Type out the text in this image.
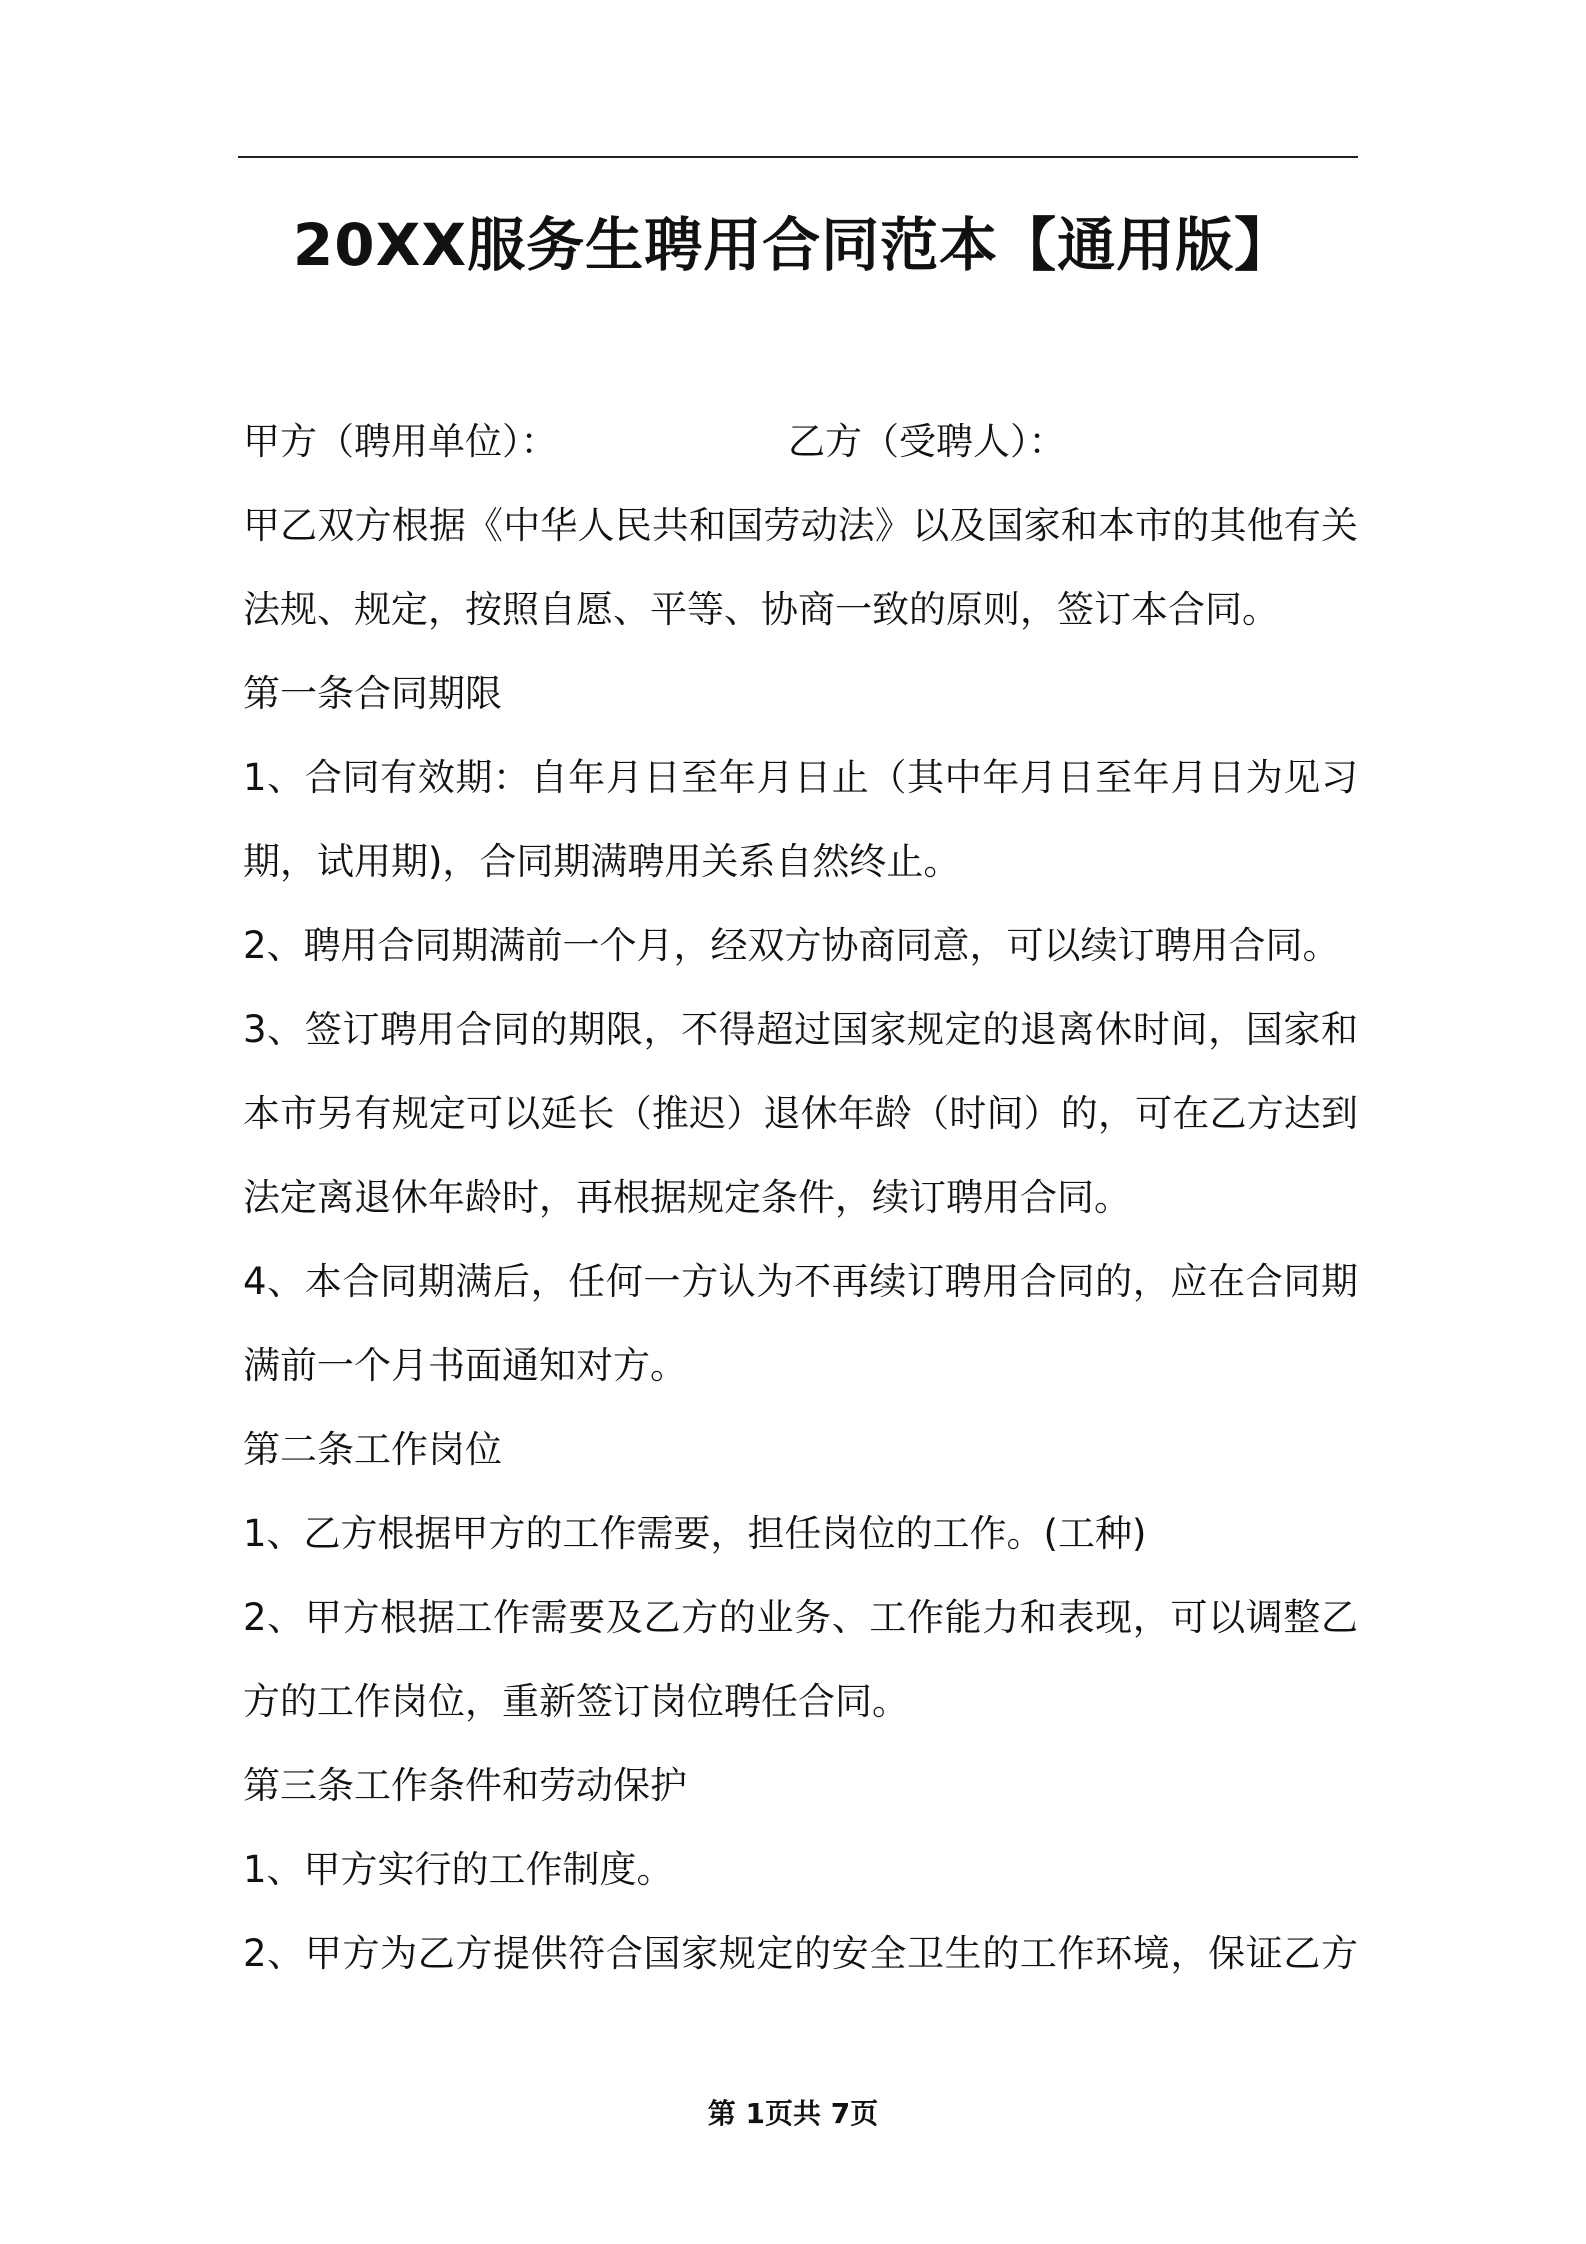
20XX服务生聘用合同范本【通用版】
甲方（聘用单位）：	乙方（受聘人）：
甲乙双方根据《中华人民共和国劳动法》以及国家和本市的其他有关
法规、规定，按照自愿、平等、协商一致的原则，签订本合同。
第一条合同期限
1、合同有效期：自年月日至年月日止（其中年月日至年月日为见习
期，试用期)，合同期满聘用关系自然终止。
2、聘用合同期满前一个月，经双方协商同意，可以续订聘用合同。
3、签订聘用合同的期限，不得超过国家规定的退离休时间，国家和
本市另有规定可以延长（推迟）退休年龄（时间）的，可在乙方达到
法定离退休年龄时，再根据规定条件，续订聘用合同。
4、本合同期满后，任何一方认为不再续订聘用合同的，应在合同期
满前一个月书面通知对方。
第二条工作岗位
1、乙方根据甲方的工作需要，担任岗位的工作。(工种)
2、甲方根据工作需要及乙方的业务、工作能力和表现，可以调整乙
方的工作岗位，重新签订岗位聘任合同。
第三条工作条件和劳动保护
1、甲方实行的工作制度。
2、甲方为乙方提供符合国家规定的安全卫生的工作环境，保证乙方
第 1页共 7页
